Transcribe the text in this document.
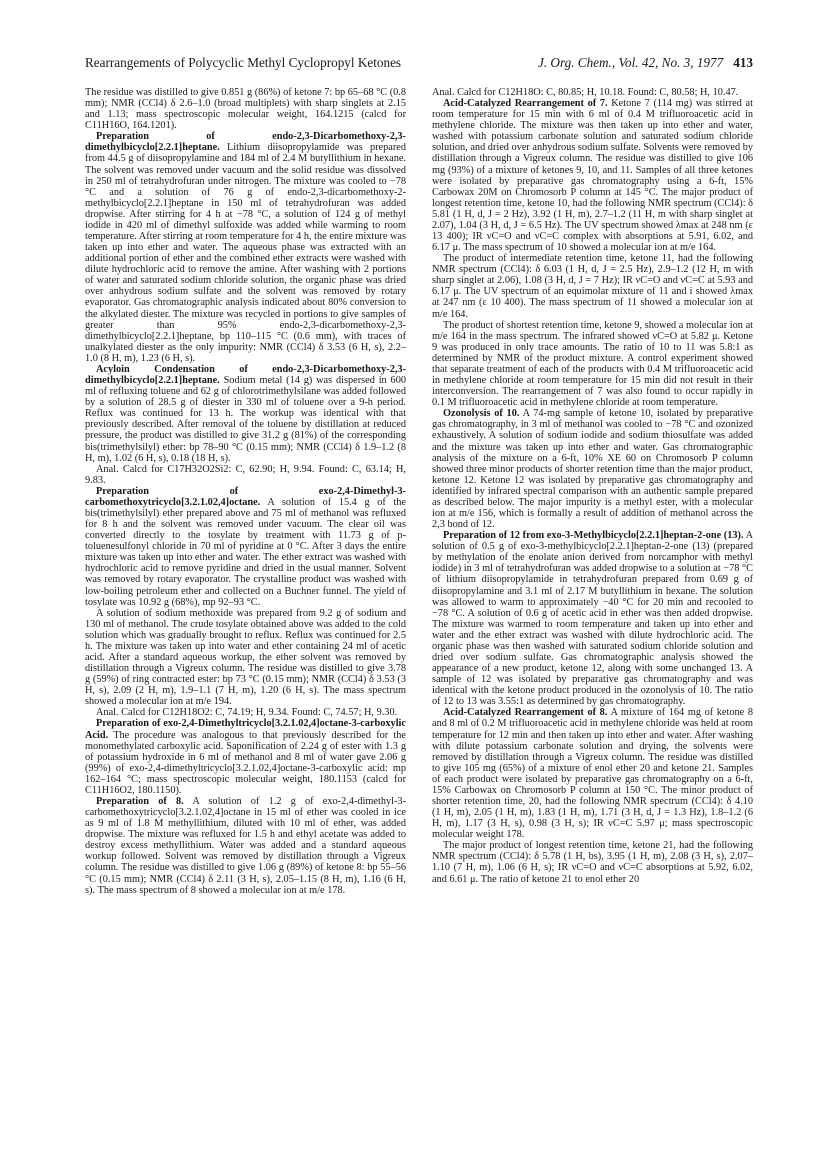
Rearrangements of Polycyclic Methyl Cyclopropyl Ketones	J. Org. Chem., Vol. 42, No. 3, 1977 413

The residue was distilled to give 0.851 g (86%) of ketone 7: bp 65–68 °C (0.8 mm); NMR (CCl4) δ 2.6–1.0 (broad multiplets) with sharp singlets at 2.15 and 1.13; mass spectroscopic molecular weight, 164.1215 (calcd for C11H16O, 164.1201).

Preparation of endo-2,3-Dicarbomethoxy-2,3-dimethylbicyclo[2.2.1]heptane. Lithium diisopropylamide was prepared from 44.5 g of diisopropylamine and 184 ml of 2.4 M butyllithium in hexane. The solvent was removed under vacuum and the solid residue was dissolved in 250 ml of tetrahydrofuran under nitrogen. The mixture was cooled to −78 °C and a solution of 76 g of endo-2,3-dicarbomethoxy-2-methylbicyclo[2.2.1]heptane in 150 ml of tetrahydrofuran was added dropwise. After stirring for 4 h at −78 °C, a solution of 124 g of methyl iodide in 420 ml of dimethyl sulfoxide was added while warming to room temperature. After stirring at room temperature for 4 h, the entire mixture was taken up into ether and water. The aqueous phase was extracted with an additional portion of ether and the combined ether extracts were washed with dilute hydrochloric acid to remove the amine. After washing with 2 portions of water and saturated sodium chloride solution, the organic phase was dried over anhydrous sodium sulfate and the solvent was removed by rotary evaporator. Gas chromatographic analysis indicated about 80% conversion to the alkylated diester. The mixture was recycled in portions to give samples of greater than 95% endo-2,3-dicarbomethoxy-2,3-dimethylbicyclo[2.2.1]heptane, bp 110–115 °C (0.6 mm), with traces of unalkylated diester as the only impurity: NMR (CCl4) δ 3.53 (6 H, s), 2.2–1.0 (8 H, m), 1.23 (6 H, s).

Acyloin Condensation of endo-2,3-Dicarbomethoxy-2,3-dimethylbicyclo[2.2.1]heptane. Sodium metal (14 g) was dispersed in 600 ml of refluxing toluene and 62 g of chlorotrimethylsilane was added followed by a solution of 28.5 g of diester in 330 ml of toluene over a 9-h period. Reflux was continued for 13 h. The workup was identical with that previously described. After removal of the toluene by distillation at reduced pressure, the product was distilled to give 31.2 g (81%) of the corresponding bis(trimethylsilyl) ether: bp 78–90 °C (0.15 mm); NMR (CCl4) δ 1.9–1.2 (8 H, m), 1.02 (6 H, s), 0.18 (18 H, s).

Anal. Calcd for C17H32O2Si2: C, 62.90; H, 9.94. Found: C, 63.14; H, 9.83.

Preparation of exo-2,4-Dimethyl-3-carbomethoxytricyclo[3.2.1.02,4]octane. A solution of 15.4 g of the bis(trimethylsilyl) ether prepared above and 75 ml of methanol was refluxed for 8 h and the solvent was removed under vacuum. The clear oil was converted directly to the tosylate by treatment with 11.73 g of p-toluenesulfonyl chloride in 70 ml of pyridine at 0 °C. After 3 days the entire mixture was taken up into ether and water. The ether extract was washed with hydrochloric acid to remove pyridine and dried in the usual manner. Solvent was removed by rotary evaporator. The crystalline product was washed with low-boiling petroleum ether and collected on a Buchner funnel. The yield of tosylate was 10.92 g (68%), mp 92–93 °C.

A solution of sodium methoxide was prepared from 9.2 g of sodium and 130 ml of methanol. The crude tosylate obtained above was added to the cold solution which was gradually brought to reflux. Reflux was continued for 2.5 h. The mixture was taken up into water and ether containing 24 ml of acetic acid. After a standard aqueous workup, the ether solvent was removed by distillation through a Vigreux column. The residue was distilled to give 3.78 g (59%) of ring contracted ester: bp 73 °C (0.15 mm); NMR (CCl4) δ 3.53 (3 H, s), 2.09 (2 H, m), 1.9–1.1 (7 H, m), 1.20 (6 H, s). The mass spectrum showed a molecular ion at m/e 194.

Anal. Calcd for C12H18O2: C, 74.19; H, 9.34. Found: C, 74.57; H, 9.30.

Preparation of exo-2,4-Dimethyltricyclo[3.2.1.02,4]octane-3-carboxylic Acid. The procedure was analogous to that previously described for the monomethylated carboxylic acid. Saponification of 2.24 g of ester with 1.3 g of potassium hydroxide in 6 ml of methanol and 8 ml of water gave 2.06 g (99%) of exo-2,4-dimethyltricyclo[3.2.1.02,4]octane-3-carboxylic acid: mp 162–164 °C; mass spectroscopic molecular weight, 180.1153 (calcd for C11H16O2, 180.1150).

Preparation of 8. A solution of 1.2 g of exo-2,4-dimethyl-3-carbomethoxytricyclo[3.2.1.02,4]octane in 15 ml of ether was cooled in ice as 9 ml of 1.8 M methyllithium, diluted with 10 ml of ether, was added dropwise. The mixture was refluxed for 1.5 h and ethyl acetate was added to destroy excess methyllithium. Water was added and a standard aqueous workup followed. Solvent was removed by distillation through a Vigreux column. The residue was distilled to give 1.06 g (89%) of ketone 8: bp 55–56 °C (0.15 mm); NMR (CCl4) δ 2.11 (3 H, s), 2.05–1.15 (8 H, m), 1.16 (6 H, s). The mass spectrum of 8 showed a molecular ion at m/e 178.

Anal. Calcd for C12H18O: C, 80.85; H, 10.18. Found: C, 80.58; H, 10.47.

Acid-Catalyzed Rearrangement of 7. Ketone 7 (114 mg) was stirred at room temperature for 15 min with 6 ml of 0.4 M trifluoroacetic acid in methylene chloride. The mixture was then taken up into ether and water, washed with potassium carbonate solution and saturated sodium chloride solution, and dried over anhydrous sodium sulfate. Solvents were removed by distillation through a Vigreux column. The residue was distilled to give 106 mg (93%) of a mixture of ketones 9, 10, and 11. Samples of all three ketones were isolated by preparative gas chromatography using a 6-ft, 15% Carbowax 20M on Chromosorb P column at 145 °C. The major product of longest retention time, ketone 10, had the following NMR spectrum (CCl4): δ 5.81 (1 H, d, J = 2 Hz), 3.92 (1 H, m), 2.7–1.2 (11 H, m with sharp singlet at 2.07), 1.04 (3 H, d, J = 6.5 Hz). The UV spectrum showed λmax at 248 nm (ε 13 400); IR νC=O and νC=C complex with absorptions at 5.91, 6.02, and 6.17 μ. The mass spectrum of 10 showed a molecular ion at m/e 164.

The product of intermediate retention time, ketone 11, had the following NMR spectrum (CCl4): δ 6.03 (1 H, d, J = 2.5 Hz), 2.9–1.2 (12 H, m with sharp singlet at 2.06), 1.08 (3 H, d, J = 7 Hz); IR νC=O and νC=C at 5.93 and 6.17 μ. The UV spectrum of an equimolar mixture of 11 and i showed λmax at 247 nm (ε 10 400). The mass spectrum of 11 showed a molecular ion at m/e 164.

The product of shortest retention time, ketone 9, showed a molecular ion at m/e 164 in the mass spectrum. The infrared showed νC=O at 5.82 μ. Ketone 9 was produced in only trace amounts. The ratio of 10 to 11 was 5.8:1 as determined by NMR of the product mixture. A control experiment showed that separate treatment of each of the products with 0.4 M trifluoroacetic acid in methylene chloride at room temperature for 15 min did not result in their interconversion. The rearrangement of 7 was also found to occur rapidly in 0.1 M trifluoroacetic acid in methylene chloride at room temperature.

Ozonolysis of 10. A 74-mg sample of ketone 10, isolated by preparative gas chromatography, in 3 ml of methanol was cooled to −78 °C and ozonized exhaustively. A solution of sodium iodide and sodium thiosulfate was added and the mixture was taken up into ether and water. Gas chromatographic analysis of the mixture on a 6-ft, 10% XE 60 on Chromosorb P column showed three minor products of shorter retention time than the major product, ketone 12. Ketone 12 was isolated by preparative gas chromatography and identified by infrared spectral comparison with an authentic sample prepared as described below. The major impurity is a methyl ester, with a molecular ion at m/e 156, which is formally a result of addition of methanol across the 2,3 bond of 12.

Preparation of 12 from exo-3-Methylbicyclo[2.2.1]heptan-2-one (13). A solution of 0.5 g of exo-3-methylbicyclo[2.2.1]heptan-2-one (13) (prepared by methylation of the enolate anion derived from norcamphor with methyl iodide) in 3 ml of tetrahydrofuran was added dropwise to a solution at −78 °C of lithium diisopropylamide in tetrahydrofuran prepared from 0.69 g of diisopropylamine and 3.1 ml of 2.17 M butyllithium in hexane. The solution was allowed to warm to approximately −40 °C for 20 min and recooled to −78 °C. A solution of 0.6 g of acetic acid in ether was then added dropwise. The mixture was warmed to room temperature and taken up into ether and water and the ether extract was washed with dilute hydrochloric acid. The organic phase was then washed with saturated sodium chloride solution and dried over sodium sulfate. Gas chromatographic analysis showed the appearance of a new product, ketone 12, along with some unchanged 13. A sample of 12 was isolated by preparative gas chromatography and was identical with the ketone product produced in the ozonolysis of 10. The ratio of 12 to 13 was 3.55:1 as determined by gas chromatography.

Acid-Catalyzed Rearrangement of 8. A mixture of 164 mg of ketone 8 and 8 ml of 0.2 M trifluoroacetic acid in methylene chloride was held at room temperature for 12 min and then taken up into ether and water. After washing with dilute potassium carbonate solution and drying, the solvents were removed by distillation through a Vigreux column. The residue was distilled to give 105 mg (65%) of a mixture of enol ether 20 and ketone 21. Samples of each product were isolated by preparative gas chromatography on a 6-ft, 15% Carbowax on Chromosorb P column at 150 °C. The minor product of shorter retention time, 20, had the following NMR spectrum (CCl4): δ 4.10 (1 H, m), 2.05 (1 H, m), 1.83 (1 H, m), 1.71 (3 H, d, J = 1.3 Hz), 1.8–1.2 (6 H, m), 1.17 (3 H, s), 0.98 (3 H, s); IR νC=C 5.97 μ; mass spectroscopic molecular weight 178.

The major product of longest retention time, ketone 21, had the following NMR spectrum (CCl4): δ 5.78 (1 H, bs), 3.95 (1 H, m), 2.08 (3 H, s), 2.07–1.10 (7 H, m), 1.06 (6 H, s); IR νC=O and νC=C absorptions at 5.92, 6.02, and 6.61 μ. The ratio of ketone 21 to enol ether 20
